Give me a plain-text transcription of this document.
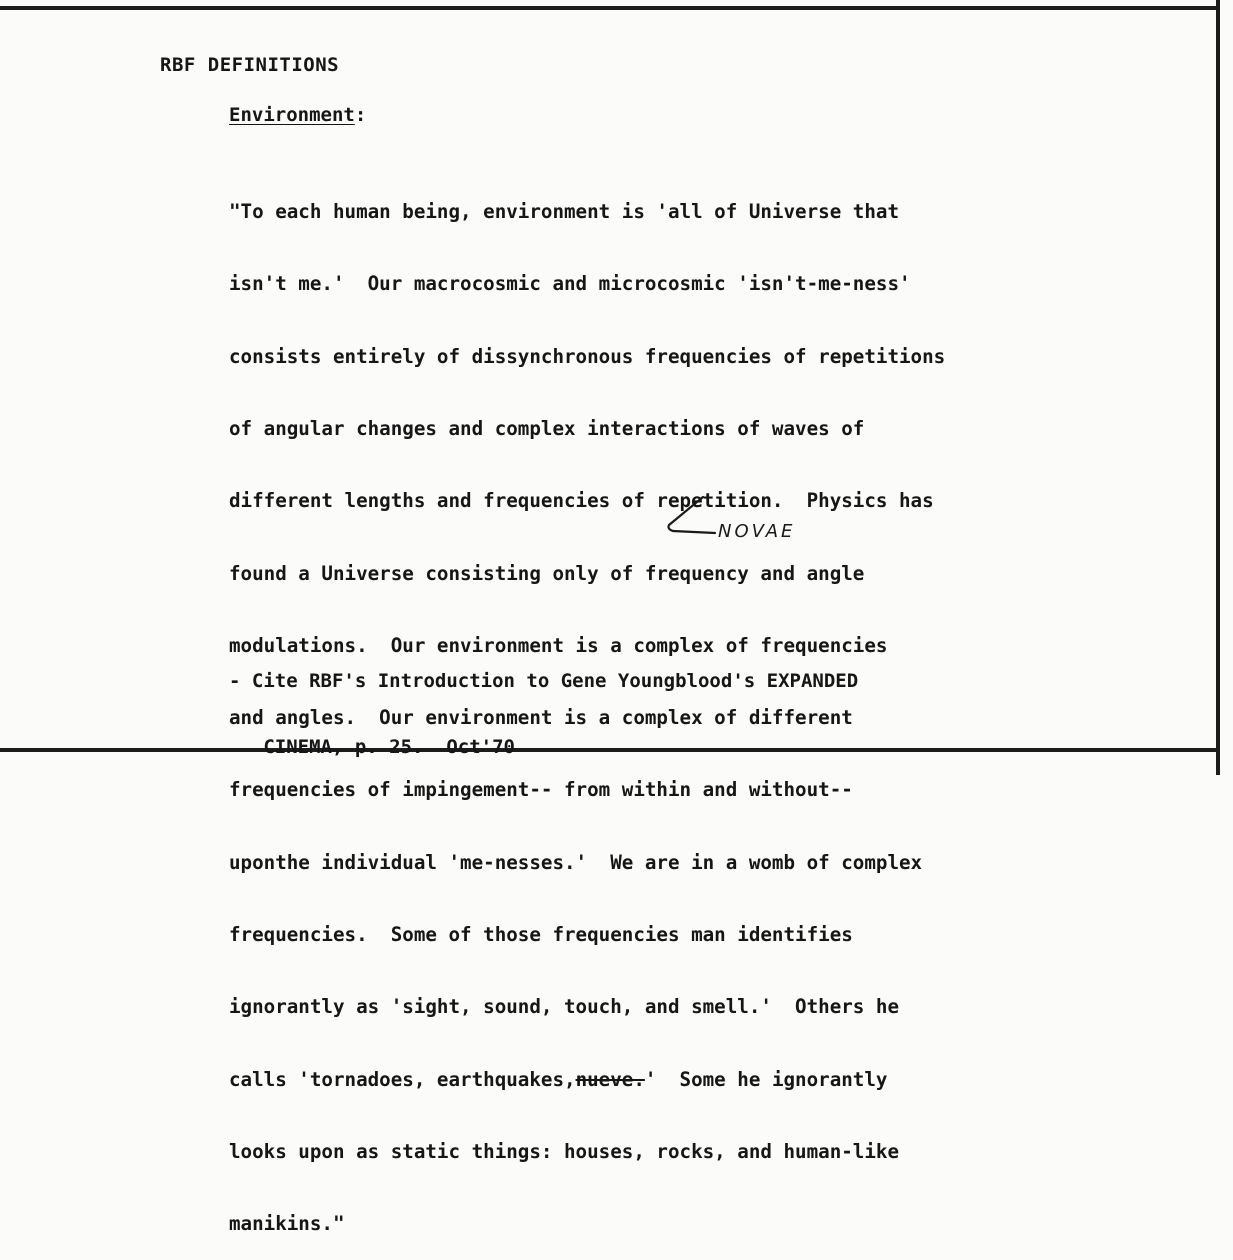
RBF DEFINITIONS
Environment:

"To each human being, environment is 'all of Universe that

isn't me.'  Our macrocosmic and microcosmic 'isn't-me-ness'

consists entirely of dissynchronous frequencies of repetitions

of angular changes and complex interactions of waves of

different lengths and frequencies of repetition.  Physics has

found a Universe consisting only of frequency and angle

modulations.  Our environment is a complex of frequencies

and angles.  Our environment is a complex of different

frequencies of impingement-- from within and without--

uponthe individual 'me-nesses.'  We are in a womb of complex

frequencies.  Some of those frequencies man identifies

ignorantly as 'sight, sound, touch, and smell.'  Others he

calls 'tornadoes, earthquakes,nueve.'  Some he ignorantly

looks upon as static things: houses, rocks, and human-like

manikins."

NOVAE

- Cite RBF's Introduction to Gene Youngblood's EXPANDED

CINEMA, p. 25.  Oct'70
